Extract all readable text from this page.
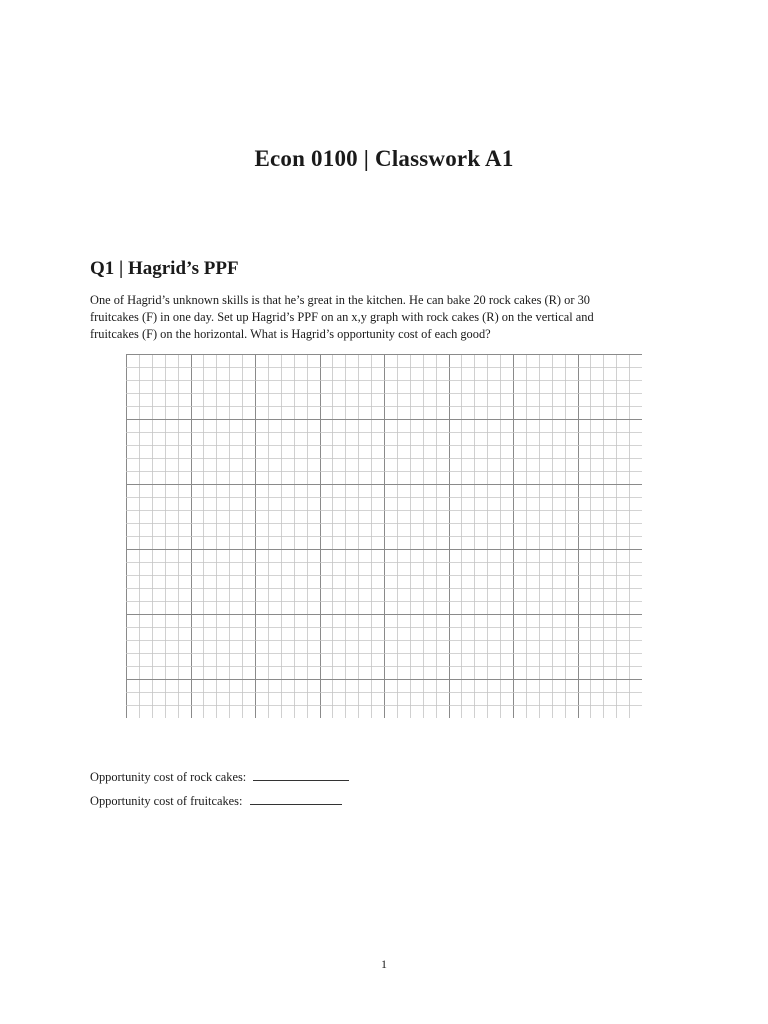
Econ 0100 | Classwork A1
Q1 | Hagrid’s PPF
One of Hagrid’s unknown skills is that he’s great in the kitchen. He can bake 20 rock cakes (R) or 30
fruitcakes (F) in one day. Set up Hagrid’s PPF on an x,y graph with rock cakes (R) on the vertical and
fruitcakes (F) on the horizontal. What is Hagrid’s opportunity cost of each good?
Opportunity cost of rock cakes:
Opportunity cost of fruitcakes:
1
